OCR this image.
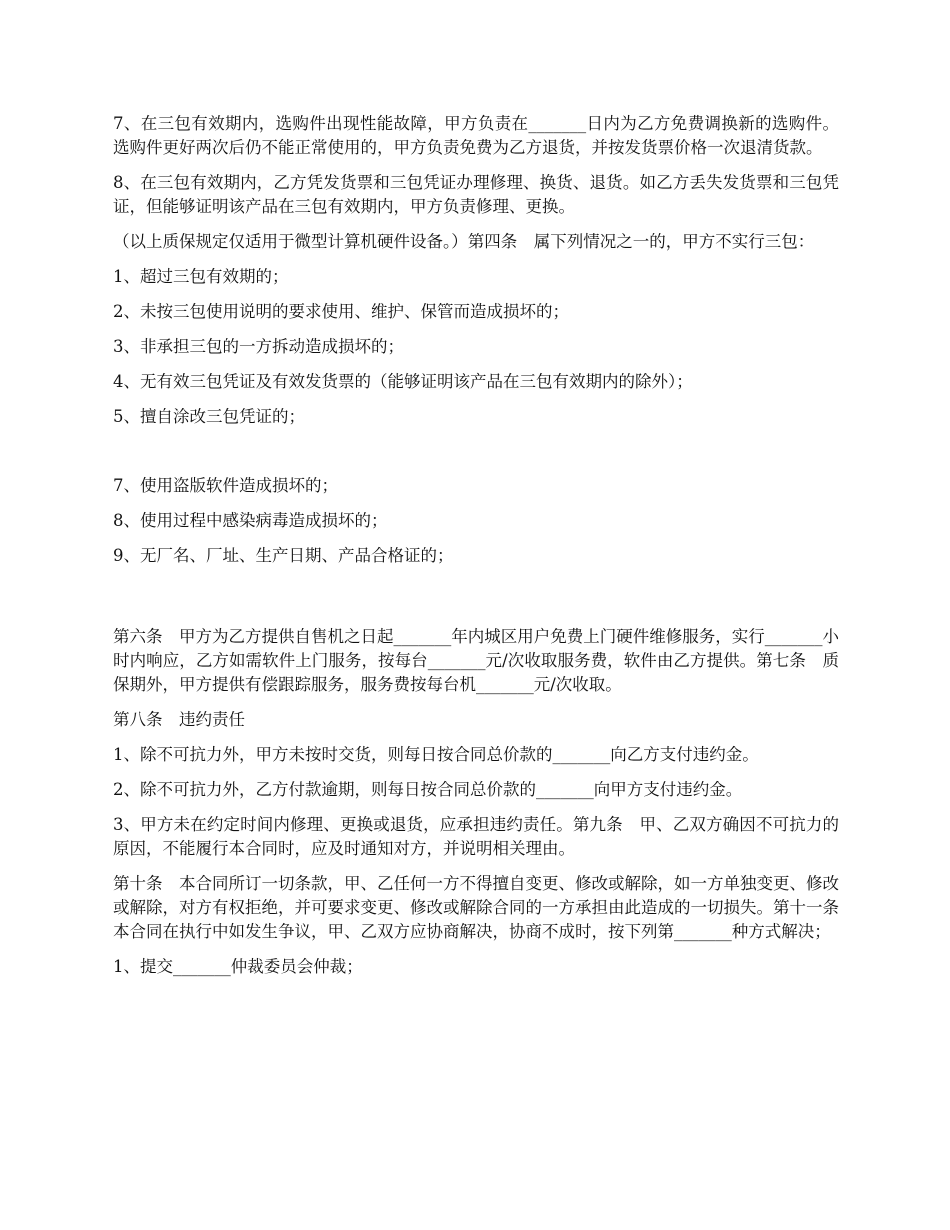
7、在三包有效期内，选购件出现性能故障，甲方负责在_______日内为乙方免费调换新的选购件。选购件更好两次后仍不能正常使用的，甲方负责免费为乙方退货，并按发货票价格一次退清货款。

8、在三包有效期内，乙方凭发货票和三包凭证办理修理、换货、退货。如乙方丢失发货票和三包凭证，但能够证明该产品在三包有效期内，甲方负责修理、更换。

（以上质保规定仅适用于微型计算机硬件设备。）第四条　属下列情况之一的，甲方不实行三包：

1、超过三包有效期的；

2、未按三包使用说明的要求使用、维护、保管而造成损坏的；

3、非承担三包的一方拆动造成损坏的；

4、无有效三包凭证及有效发货票的（能够证明该产品在三包有效期内的除外）；

5、擅自涂改三包凭证的；

7、使用盗版软件造成损坏的；

8、使用过程中感染病毒造成损坏的；

9、无厂名、厂址、生产日期、产品合格证的；

第六条　甲方为乙方提供自售机之日起_______年内城区用户免费上门硬件维修服务，实行_______小时内响应，乙方如需软件上门服务，按每台_______元/次收取服务费，软件由乙方提供。第七条　质保期外，甲方提供有偿跟踪服务，服务费按每台机_______元/次收取。

第八条　违约责任

1、除不可抗力外，甲方未按时交货，则每日按合同总价款的_______向乙方支付违约金。

2、除不可抗力外，乙方付款逾期，则每日按合同总价款的_______向甲方支付违约金。

3、甲方未在约定时间内修理、更换或退货，应承担违约责任。第九条　甲、乙双方确因不可抗力的原因，不能履行本合同时，应及时通知对方，并说明相关理由。

第十条　本合同所订一切条款，甲、乙任何一方不得擅自变更、修改或解除，如一方单独变更、修改或解除，对方有权拒绝，并可要求变更、修改或解除合同的一方承担由此造成的一切损失。第十一条　本合同在执行中如发生争议，甲、乙双方应协商解决，协商不成时，按下列第_______种方式解决；

1、提交_______仲裁委员会仲裁；
